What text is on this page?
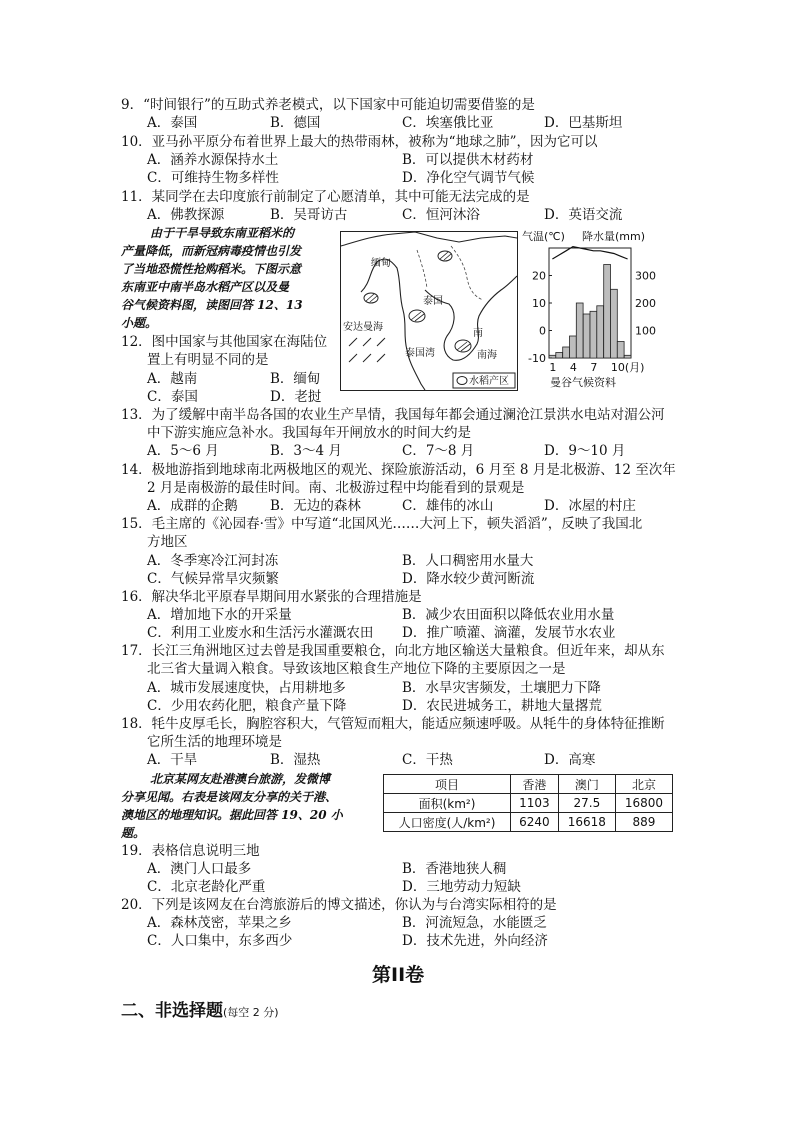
9．“时间银行”的互助式养老模式，以下国家中可能迫切需要借鉴的是
A．泰国	B．德国	C．埃塞俄比亚	D．巴基斯坦
10．亚马孙平原分布着世界上最大的热带雨林，被称为“地球之肺”，因为它可以
A．涵养水源保持水土	B．可以提供木材药材
C．可维持生物多样性	D．净化空气调节气候
11．某同学在去印度旅行前制定了心愿清单，其中可能无法完成的是
A．佛教探源	B．吴哥访古	C．恒河沐浴	D．英语交流
由于干旱导致东南亚稻米的
产量降低，而新冠病毒疫情也引发
了当地恐慌性抢购稻米。下图示意
东南亚中南半岛水稻产区以及曼
谷气候资料图，读图回答 12、13
小题。
12．图中国家与其他国家在海陆位
置上有明显不同的是
A．越南	B．缅甸
C．泰国	D．老挝
缅甸
泰国
安达曼海
泰国湾	南海
南
水稻产区
气温(℃) 降水量(mm)
-10
0
10
20
100
200
300
1 4 7 10(月)
曼谷气候资料
13．为了缓解中南半岛各国的农业生产旱情，我国每年都会通过澜沧江景洪水电站对湄公河
中下游实施应急补水。我国每年开闸放水的时间大约是
A．5～6 月	B．3～4 月	C．7～8 月	D．9～10 月
14．极地游指到地球南北两极地区的观光、探险旅游活动，6 月至 8 月是北极游、12 至次年
2 月是南极游的最佳时间。南、北极游过程中均能看到的景观是
A．成群的企鹅 B．无边的森林	C．雄伟的冰山	D．冰屋的村庄
15．毛主席的《沁园春·雪》中写道“北国风光……大河上下，顿失滔滔”，反映了我国北
方地区
A．冬季寒冷江河封冻	B．人口稠密用水量大
C．气候异常旱灾频繁	D．降水较少黄河断流
16．解决华北平原春旱期间用水紧张的合理措施是
A．增加地下水的开采量	B．减少农田面积以降低农业用水量
C．利用工业废水和生活污水灌溉农田 D．推广喷灌、滴灌，发展节水农业
17．长江三角洲地区过去曾是我国重要粮仓，向北方地区输送大量粮食。但近年来，却从东
北三省大量调入粮食。导致该地区粮食生产地位下降的主要原因之一是
A．城市发展速度快，占用耕地多	B．水旱灾害频发，土壤肥力下降
C．少用农药化肥，粮食产量下降	D．农民进城务工，耕地大量撂荒
18．牦牛皮厚毛长，胸腔容积大，气管短而粗大，能适应频速呼吸。从牦牛的身体特征推断
它所生活的地理环境是
A．干旱	B．湿热	C．干热	D．高寒
北京某网友赴港澳台旅游，发微博
分享见闻。右表是该网友分享的关于港、
澳地区的地理知识。据此回答 19、20 小
题。
项目	香港	澳门	北京
面积(km²)	1103	27.5	16800
人口密度(人/km²)	6240	16618	889
19．表格信息说明三地
A．澳门人口最多	B．香港地狭人稠
C．北京老龄化严重	D．三地劳动力短缺
20．下列是该网友在台湾旅游后的博文描述，你认为与台湾实际相符的是
A．森林茂密，苹果之乡	B．河流短急，水能匮乏
C．人口集中，东多西少	D．技术先进，外向经济
第II卷
二、非选择题(每空 2 分)
